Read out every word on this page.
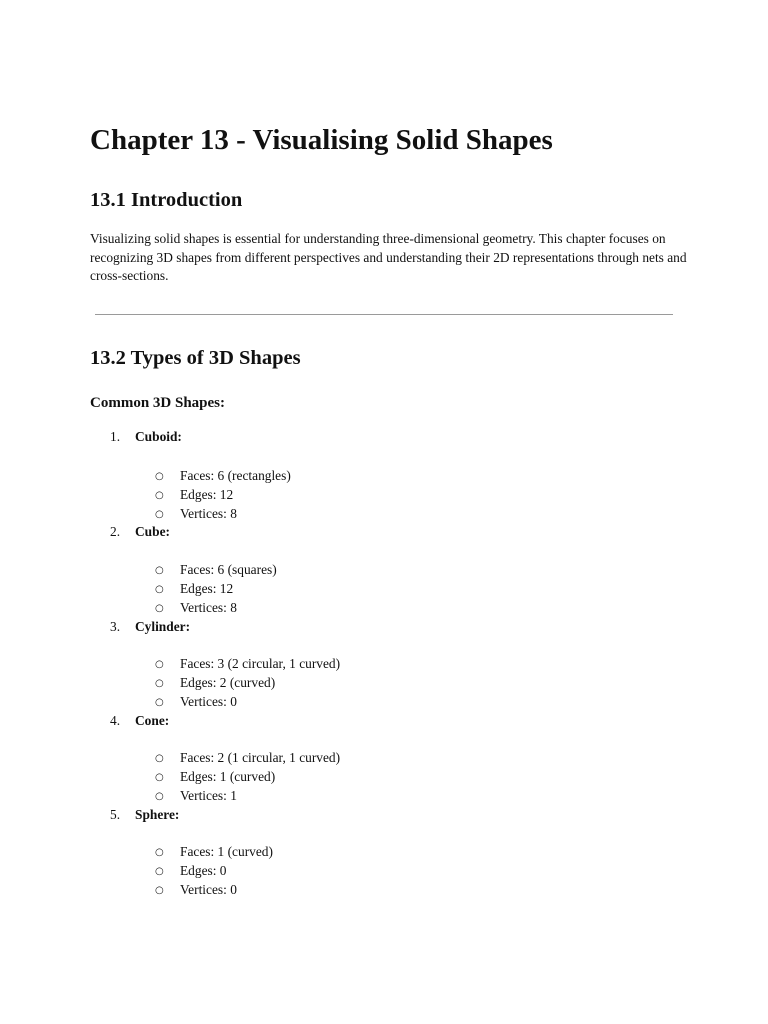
Chapter 13 - Visualising Solid Shapes
13.1 Introduction

Visualizing solid shapes is essential for understanding three-dimensional geometry. This chapter focuses on recognizing 3D shapes from different perspectives and understanding their 2D representations through nets and cross-sections.

13.2 Types of 3D Shapes
Common 3D Shapes:
1. Cuboid:
○ Faces: 6 (rectangles)
○ Edges: 12
○ Vertices: 8
2. Cube:
○ Faces: 6 (squares)
○ Edges: 12
○ Vertices: 8
3. Cylinder:
○ Faces: 3 (2 circular, 1 curved)
○ Edges: 2 (curved)
○ Vertices: 0
4. Cone:
○ Faces: 2 (1 circular, 1 curved)
○ Edges: 1 (curved)
○ Vertices: 1
5. Sphere:
○ Faces: 1 (curved)
○ Edges: 0
○ Vertices: 0
